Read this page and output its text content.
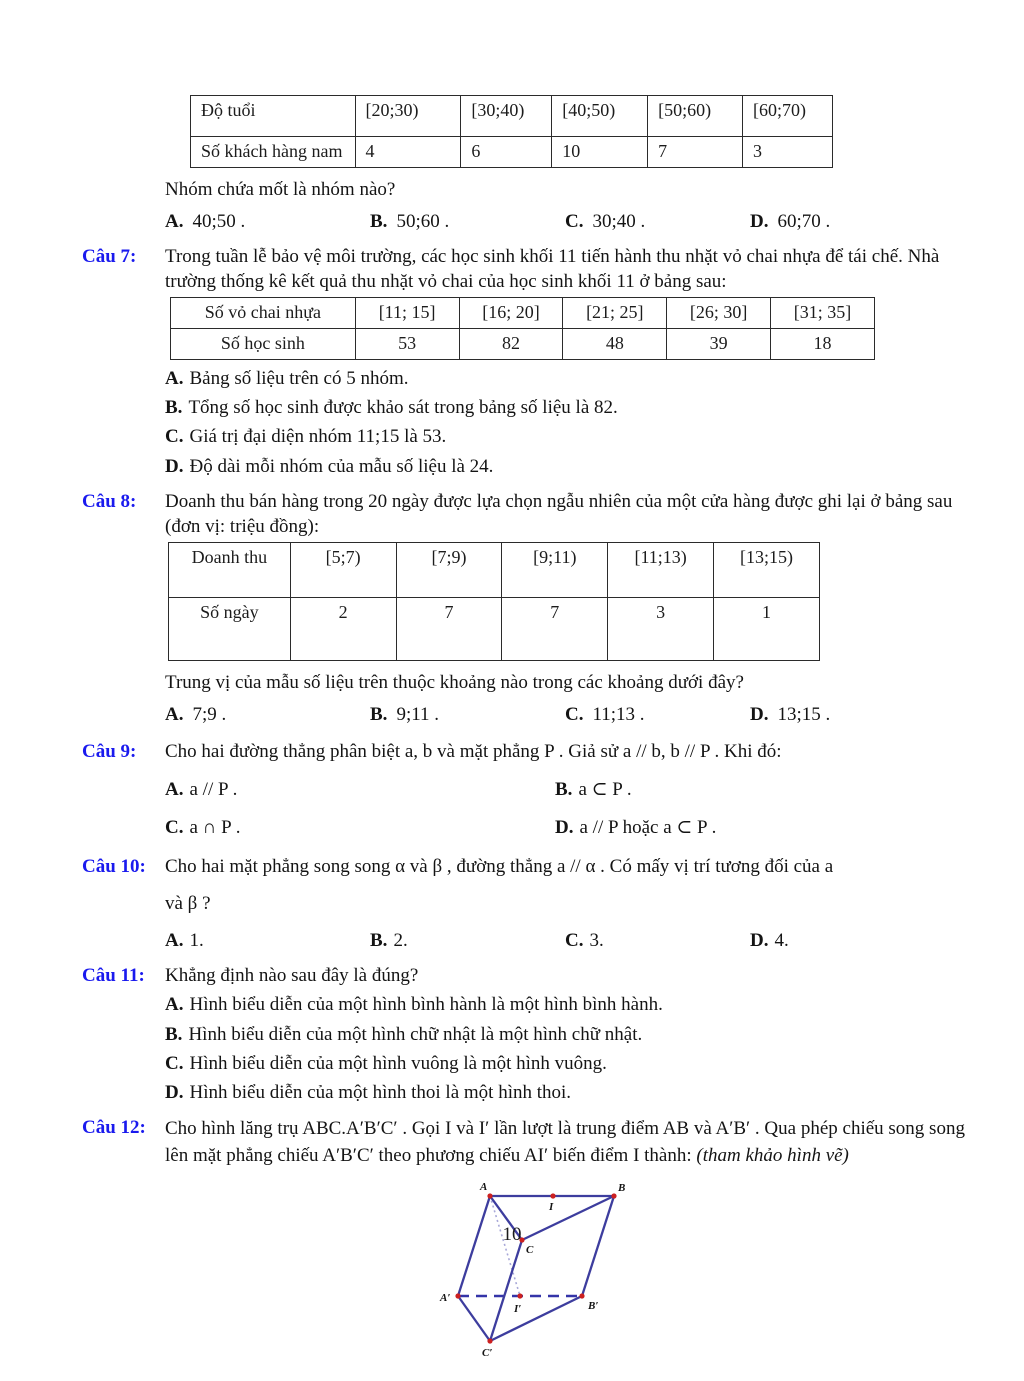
Độ tuổi	[20;30)	[30;40)	[40;50)	[50;60)	[60;70)
Số khách hàng nam	4	6	10	7	3
Nhóm chứa mốt là nhóm nào?
A. 40;50 .	B. 50;60 .	C. 30;40 .	D. 60;70 .
Câu 7:	Trong tuần lễ bảo vệ môi trường, các học sinh khối 11 tiến hành thu nhặt vỏ chai nhựa để tái chế. Nhà trường thống kê kết quả thu nhặt vỏ chai của học sinh khối 11 ở bảng sau:
Số vỏ chai nhựa	[11; 15]	[16; 20]	[21; 25]	[26; 30]	[31; 35]
Số học sinh	53	82	48	39	18
A. Bảng số liệu trên có 5 nhóm.
B. Tổng số học sinh được khảo sát trong bảng số liệu là 82.
C. Giá trị đại diện nhóm 11;15 là 53.
D. Độ dài mỗi nhóm của mẫu số liệu là 24.
Câu 8:	Doanh thu bán hàng trong 20 ngày được lựa chọn ngẫu nhiên của một cửa hàng được ghi lại ở bảng sau (đơn vị: triệu đồng):
Doanh thu	[5;7)	[7;9)	[9;11)	[11;13)	[13;15)
Số ngày	2	7	7	3	1
Trung vị của mẫu số liệu trên thuộc khoảng nào trong các khoảng dưới đây?
A. 7;9 .	B. 9;11 .	C. 11;13 .	D. 13;15 .
Câu 9:	Cho hai đường thẳng phân biệt a, b và mặt phẳng P . Giả sử a // b, b // P . Khi đó:
A. a // P .	B. a ⊂ P .
C. a ∩ P .	D. a // P hoặc a ⊂ P .
Câu 10:	Cho hai mặt phẳng song song α và β , đường thẳng a // α . Có mấy vị trí tương đối của a
và β ?
A. 1.	B. 2.	C. 3.	D. 4.
Câu 11:	Khẳng định nào sau đây là đúng?
A. Hình biểu diễn của một hình bình hành là một hình bình hành.
B. Hình biểu diễn của một hình chữ nhật là một hình chữ nhật.
C. Hình biểu diễn của một hình vuông là một hình vuông.
D. Hình biểu diễn của một hình thoi là một hình thoi.
Câu 12:	Cho hình lăng trụ ABC.A′B′C′ . Gọi I và I′ lần lượt là trung điểm AB và A′B′ . Qua phép chiếu song song lên mặt phẳng chiếu A′B′C′ theo phương chiếu AI′ biến điểm I thành: (tham khảo hình vẽ)
A
I
B
C
A′
I′	B′
C′
10
